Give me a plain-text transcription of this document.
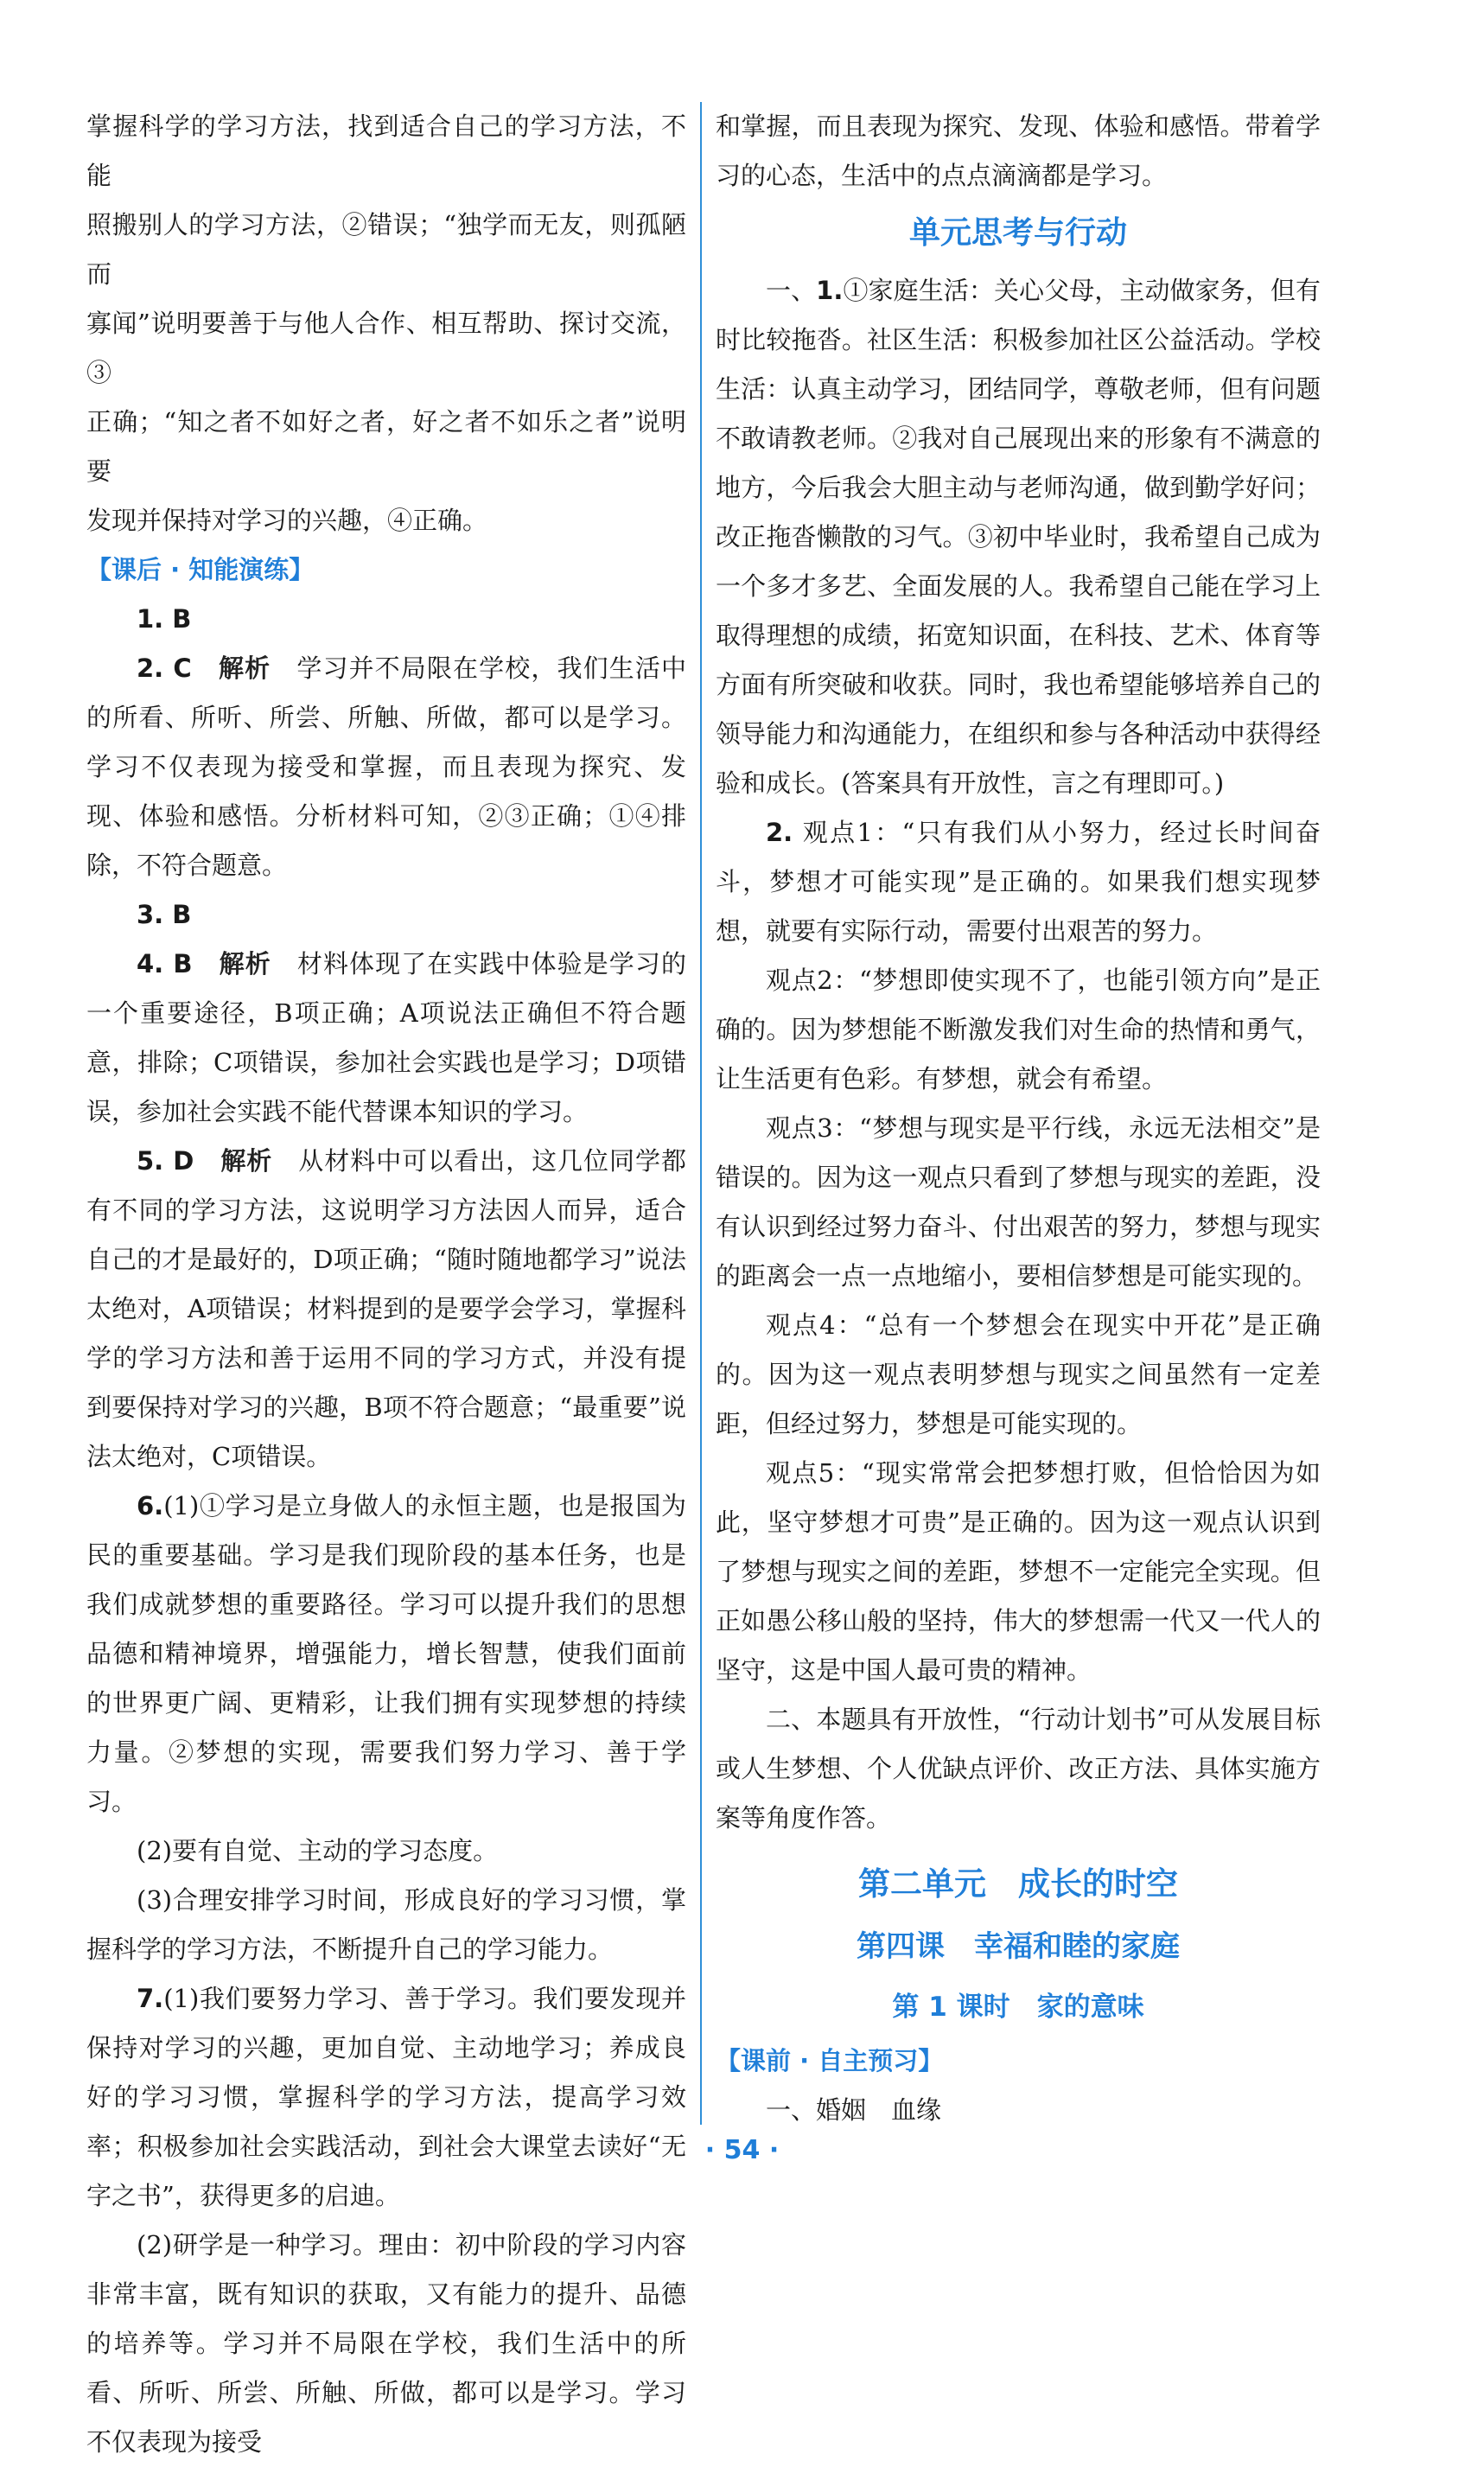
掌握科学的学习方法，找到适合自己的学习方法，不能

照搬别人的学习方法，②错误；“独学而无友，则孤陋而

寡闻”说明要善于与他人合作、相互帮助、探讨交流，③

正确；“知之者不如好之者，好之者不如乐之者”说明要

发现并保持对学习的兴趣，④正确。

【课后 · 知能演练】

1. B

2. C　 解析　 学习并不局限在学校，我们生活中的所看、所听、所尝、所触、所做，都可以是学习。学习不仅表现为接受和掌握，而且表现为探究、发现、体验和感悟。分析材料可知，②③正确；①④排除，不符合题意。

3. B

4. B　 解析　 材料体现了在实践中体验是学习的一个重要途径，B项正确；A项说法正确但不符合题意，排除；C项错误，参加社会实践也是学习；D项错误，参加社会实践不能代替课本知识的学习。

5. D　 解析　 从材料中可以看出，这几位同学都有不同的学习方法，这说明学习方法因人而异，适合自己的才是最好的，D项正确；“随时随地都学习”说法太绝对，A项错误；材料提到的是要学会学习，掌握科学的学习方法和善于运用不同的学习方式，并没有提到要保持对学习的兴趣，B项不符合题意；“最重要”说法太绝对，C项错误。

6.(1)①学习是立身做人的永恒主题，也是报国为民的重要基础。学习是我们现阶段的基本任务，也是我们成就梦想的重要路径。学习可以提升我们的思想品德和精神境界，增强能力，增长智慧，使我们面前的世界更广阔、更精彩，让我们拥有实现梦想的持续力量。②梦想的实现，需要我们努力学习、善于学习。

(2)要有自觉、主动的学习态度。

(3)合理安排学习时间，形成良好的学习习惯，掌握科学的学习方法，不断提升自己的学习能力。

7.(1)我们要努力学习、善于学习。我们要发现并保持对学习的兴趣，更加自觉、主动地学习；养成良好的学习习惯，掌握科学的学习方法，提高学习效率；积极参加社会实践活动，到社会大课堂去读好“无字之书”，获得更多的启迪。

(2)研学是一种学习。理由：初中阶段的学习内容非常丰富，既有知识的获取，又有能力的提升、品德的培养等。学习并不局限在学校，我们生活中的所看、所听、所尝、所触、所做，都可以是学习。学习不仅表现为接受

和掌握，而且表现为探究、发现、体验和感悟。带着学习的心态，生活中的点点滴滴都是学习。

单元思考与行动

一、1.①家庭生活：关心父母，主动做家务，但有时比较拖沓。社区生活：积极参加社区公益活动。学校生活：认真主动学习，团结同学，尊敬老师，但有问题不敢请教老师。②我对自己展现出来的形象有不满意的地方，今后我会大胆主动与老师沟通，做到勤学好问；改正拖沓懒散的习气。③初中毕业时，我希望自己成为一个多才多艺、全面发展的人。我希望自己能在学习上取得理想的成绩，拓宽知识面，在科技、艺术、体育等方面有所突破和收获。同时，我也希望能够培养自己的领导能力和沟通能力，在组织和参与各种活动中获得经验和成长。(答案具有开放性，言之有理即可。)

2. 观点1：“只有我们从小努力，经过长时间奋斗，梦想才可能实现”是正确的。如果我们想实现梦想，就要有实际行动，需要付出艰苦的努力。

观点2：“梦想即使实现不了，也能引领方向”是正确的。因为梦想能不断激发我们对生命的热情和勇气，让生活更有色彩。有梦想，就会有希望。

观点3：“梦想与现实是平行线，永远无法相交”是错误的。因为这一观点只看到了梦想与现实的差距，没有认识到经过努力奋斗、付出艰苦的努力，梦想与现实的距离会一点一点地缩小，要相信梦想是可能实现的。

观点4：“总有一个梦想会在现实中开花”是正确的。因为这一观点表明梦想与现实之间虽然有一定差距，但经过努力，梦想是可能实现的。

观点5：“现实常常会把梦想打败，但恰恰因为如此，坚守梦想才可贵”是正确的。因为这一观点认识到了梦想与现实之间的差距，梦想不一定能完全实现。但正如愚公移山般的坚持，伟大的梦想需一代又一代人的坚守，这是中国人最可贵的精神。

二、本题具有开放性，“行动计划书”可从发展目标或人生梦想、个人优缺点评价、改正方法、具体实施方案等角度作答。

第二单元　成长的时空
第四课　幸福和睦的家庭
第 1 课时　家的意味
【课前 · 自主预习】

一、婚姻　血缘

· 54 ·
